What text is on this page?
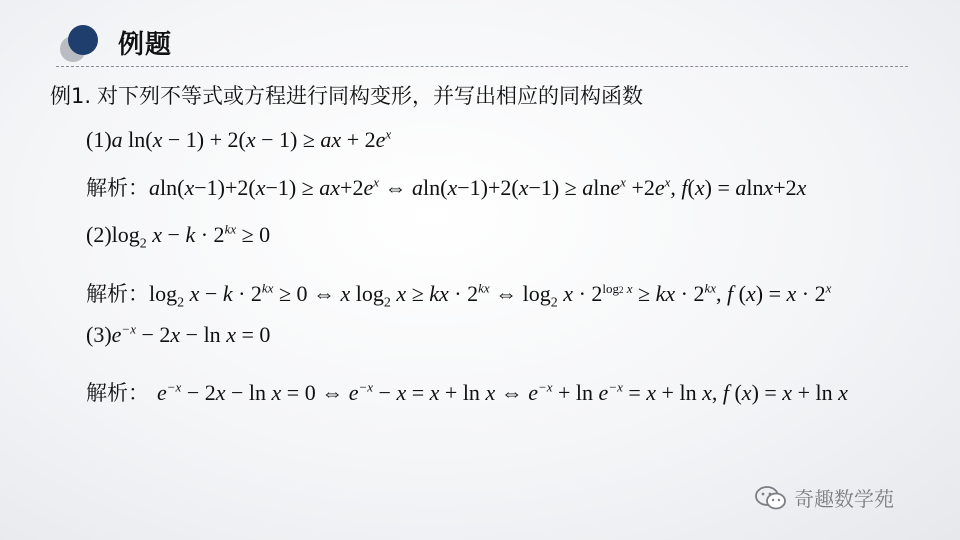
例题
例1. 对下列不等式或方程进行同构变形，并写出相应的同构函数
(1)a ln(x − 1) + 2(x − 1) ≥ ax + $2e^x$
解析：$aln(x-1)+2(x-1) \ge ax+2e^x$ ⇔ $aln(x-1)+2(x-1) \ge alne^x +2e^x$, f(x) = alnx+2x
$(2)\log_2$ $x - k \cdot 2^{kx} \ge 0$
解析：$\log_2 x - k \cdot 2^{kx} \ge 0$ ⇔ x $\log_2 x$ ≥ kx · $2^{kx}$ ⇔ $\log_2 x \cdot 2^{log2 x}$ ≥ kx · $2^{kx}$, f $(x) = x \cdot 2^x$
$(3)e^{-x} - 2x - \ln x = 0$
解析： $e^{-x} - 2x - \ln x = 0$ ⇔ $e^{-x} - x = x + \ln x$ ⇔ $e^{-x} + \ln e^{-x} = x + \ln x$, f (x) = x + ln x
奇趣数学苑
